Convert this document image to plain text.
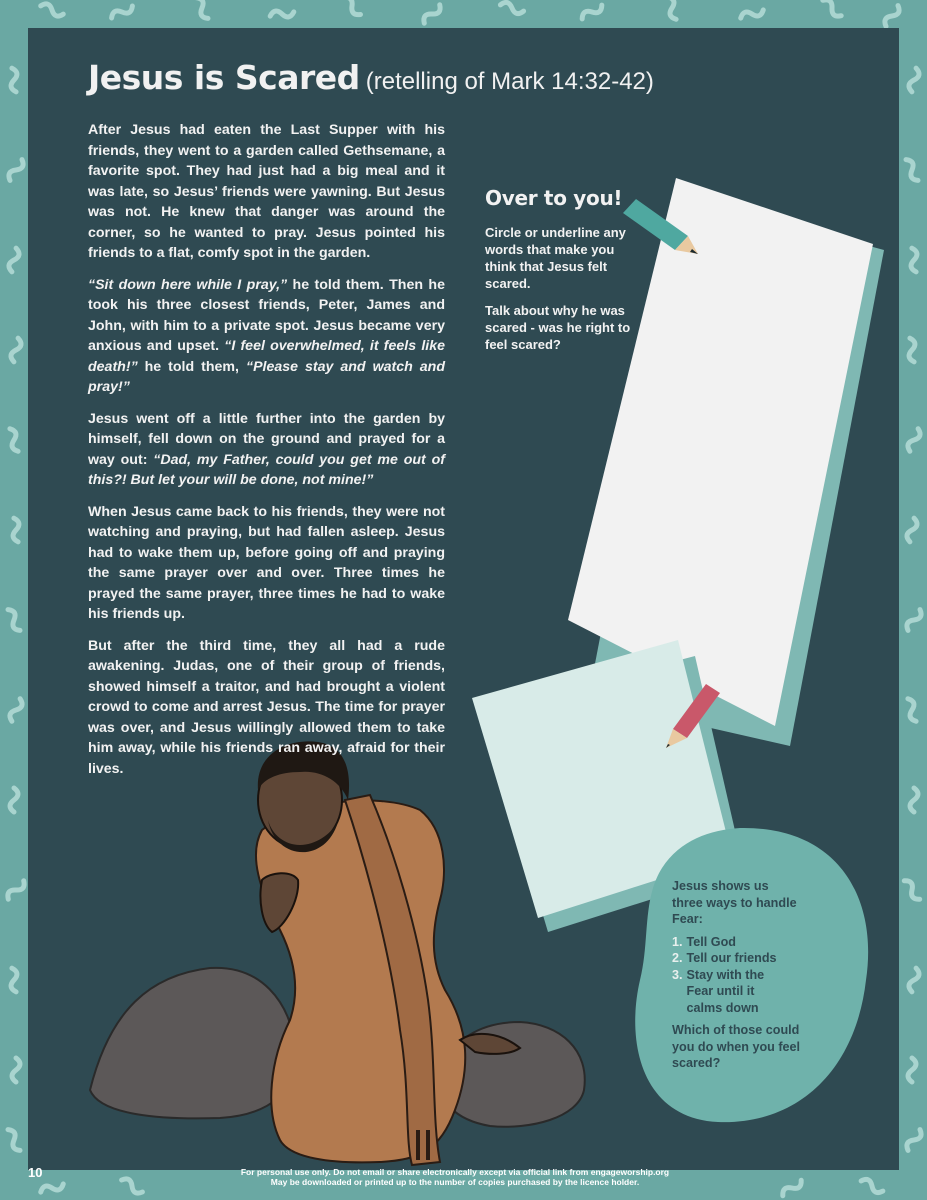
Jesus is Scared (retelling of Mark 14:32-42)

After Jesus had eaten the Last Supper with his friends, they went to a garden called Gethsemane, a favorite spot. They had just had a big meal and it was late, so Jesus’ friends were yawning. But Jesus was not. He knew that danger was around the corner, so he wanted to pray. Jesus pointed his friends to a flat, comfy spot in the garden.

“Sit down here while I pray,” he told them. Then he took his three closest friends, Peter, James and John, with him to a private spot. Jesus became very anxious and upset. “I feel overwhelmed, it feels like death!” he told them, “Please stay and watch and pray!”

Jesus went off a little further into the garden by himself, fell down on the ground and prayed for a way out: “Dad, my Father, could you get me out of this?! But let your will be done, not mine!”

When Jesus came back to his friends, they were not watching and praying, but had fallen asleep. Jesus had to wake them up, before going off and praying the same prayer over and over. Three times he prayed the same prayer, three times he had to wake his friends up.

But after the third time, they all had a rude awakening. Judas, one of their group of friends, showed himself a traitor, and had brought a violent crowd to come and arrest Jesus. The time for prayer was over, and Jesus willingly allowed them to take him away, while his friends ran away, afraid for their lives.

Over to you!

Circle or underline any words that make you think that Jesus felt scared.

Talk about why he was scared - was he right to feel scared?

Jesus shows us three ways to handle Fear:

1. Tell God
2. Tell our friends
3. Stay with the Fear until it calms down

Which of those could you do when you feel scared?

10	For personal use only. Do not email or share electronically except via official link from engageworship.org
May be downloaded or printed up to the number of copies purchased by the licence holder.
